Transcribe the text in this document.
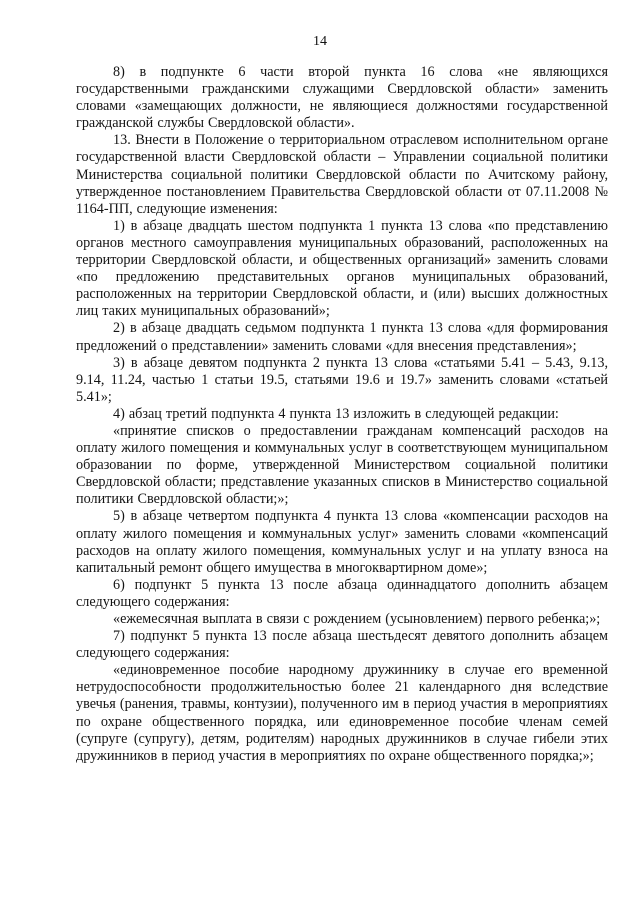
14

8) в подпункте 6 части второй пункта 16 слова «не являющихся государственными гражданскими служащими Свердловской области» заменить словами «замещающих должности, не являющиеся должностями государственной гражданской службы Свердловской области».

13. Внести в Положение о территориальном отраслевом исполнительном органе государственной власти Свердловской области – Управлении социальной политики Министерства социальной политики Свердловской области по Ачитскому району, утвержденное постановлением Правительства Свердловской области от 07.11.2008 № 1164-ПП, следующие изменения:

1) в абзаце двадцать шестом подпункта 1 пункта 13 слова «по представлению органов местного самоуправления муниципальных образований, расположенных на территории Свердловской области, и общественных организаций» заменить словами «по предложению представительных органов муниципальных образований, расположенных на территории Свердловской области, и (или) высших должностных лиц таких муниципальных образований»;

2) в абзаце двадцать седьмом подпункта 1 пункта 13 слова «для формирования предложений о представлении» заменить словами «для внесения представления»;

3) в абзаце девятом подпункта 2 пункта 13 слова «статьями 5.41 – 5.43, 9.13, 9.14, 11.24, частью 1 статьи 19.5, статьями 19.6 и 19.7» заменить словами «статьей 5.41»;

4) абзац третий подпункта 4 пункта 13 изложить в следующей редакции:

«принятие списков о предоставлении гражданам компенсаций расходов на оплату жилого помещения и коммунальных услуг в соответствующем муниципальном образовании по форме, утвержденной Министерством социальной политики Свердловской области; представление указанных списков в Министерство социальной политики Свердловской области;»;

5) в абзаце четвертом подпункта 4 пункта 13 слова «компенсации расходов на оплату жилого помещения и коммунальных услуг» заменить словами «компенсаций расходов на оплату жилого помещения, коммунальных услуг и на уплату взноса на капитальный ремонт общего имущества в многоквартирном доме»;

6) подпункт 5 пункта 13 после абзаца одиннадцатого дополнить абзацем следующего содержания:

«ежемесячная выплата в связи с рождением (усыновлением) первого ребенка;»;

7) подпункт 5 пункта 13 после абзаца шестьдесят девятого дополнить абзацем следующего содержания:

«единовременное пособие народному дружиннику в случае его временной нетрудоспособности продолжительностью более 21 календарного дня вследствие увечья (ранения, травмы, контузии), полученного им в период участия в мероприятиях по охране общественного порядка, или единовременное пособие членам семей (супруге (супругу), детям, родителям) народных дружинников в случае гибели этих дружинников в период участия в мероприятиях по охране общественного порядка;»;
